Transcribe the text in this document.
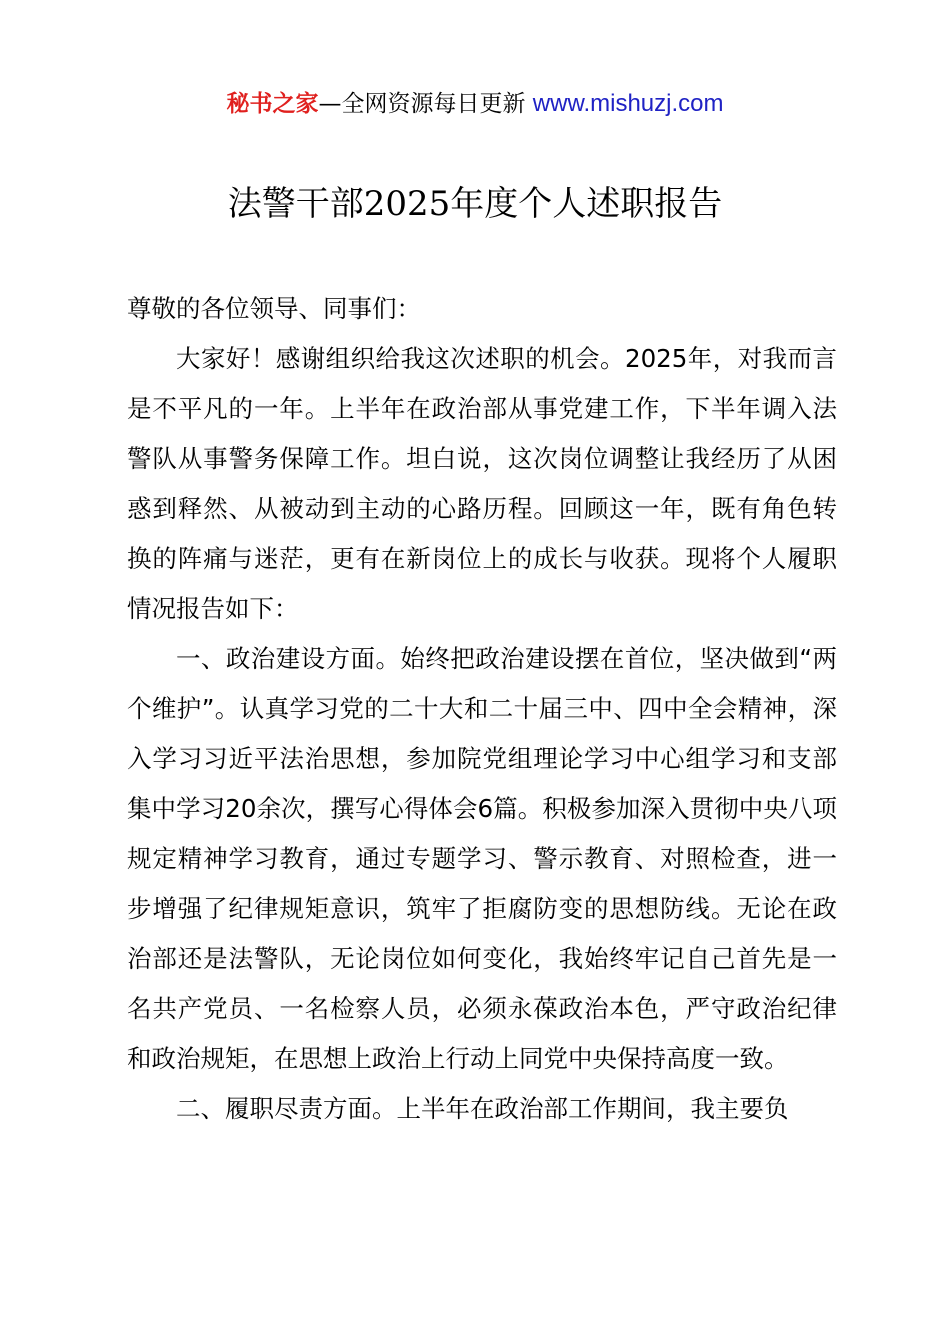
秘书之家—全网资源每日更新 www.mishuzj.com
法警干部2025年度个人述职报告

尊敬的各位领导、同事们：

大家好！感谢组织给我这次述职的机会。2025年，对我而言是不平凡的一年。上半年在政治部从事党建工作，下半年调入法警队从事警务保障工作。坦白说，这次岗位调整让我经历了从困惑到释然、从被动到主动的心路历程。回顾这一年，既有角色转换的阵痛与迷茫，更有在新岗位上的成长与收获。现将个人履职情况报告如下：

一、政治建设方面。始终把政治建设摆在首位，坚决做到“两个维护”。认真学习党的二十大和二十届三中、四中全会精神，深入学习习近平法治思想，参加院党组理论学习中心组学习和支部集中学习20余次，撰写心得体会6篇。积极参加深入贯彻中央八项规定精神学习教育，通过专题学习、警示教育、对照检查，进一步增强了纪律规矩意识，筑牢了拒腐防变的思想防线。无论在政治部还是法警队，无论岗位如何变化，我始终牢记自己首先是一名共产党员、一名检察人员，必须永葆政治本色，严守政治纪律和政治规矩，在思想上政治上行动上同党中央保持高度一致。

二、履职尽责方面。上半年在政治部工作期间，我主要负
